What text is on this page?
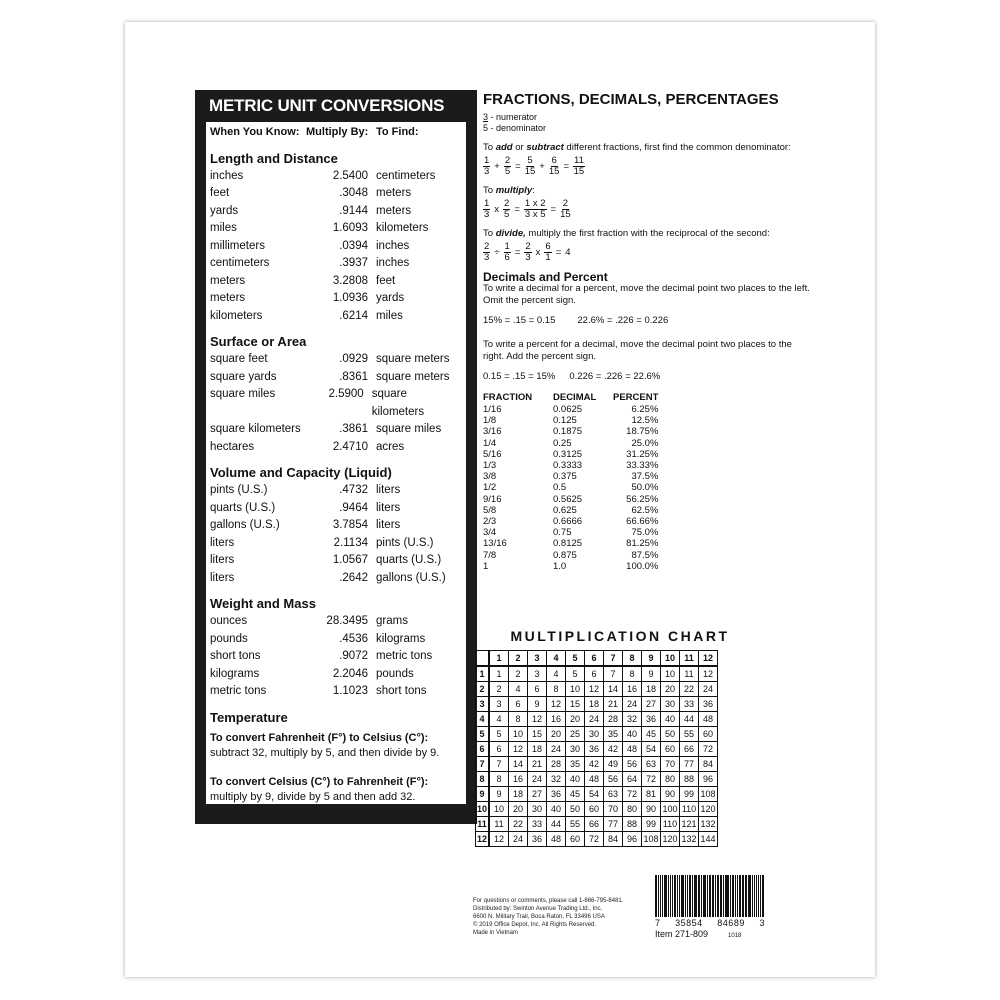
METRIC UNIT CONVERSIONS
When You Know: Multiply By: To Find:
Length and Distance
inches	2.5400 centimeters
feet	.3048 meters
yards	.9144 meters
miles	1.6093 kilometers
millimeters	.0394 inches
centimeters	.3937 inches
meters	3.2808 feet
meters	1.0936 yards
kilometers	.6214 miles
Surface or Area
square feet	.0929 square meters
square yards	.8361 square meters
square miles	2.5900 square kilometers
square kilometers	.3861 square miles
hectares	2.4710 acres
Volume and Capacity (Liquid)
pints (U.S.)	.4732 liters
quarts (U.S.)	.9464 liters
gallons (U.S.)	3.7854 liters
liters	2.1134 pints (U.S.)
liters	1.0567 quarts (U.S.)
liters	.2642 gallons (U.S.)
Weight and Mass
ounces	28.3495 grams
pounds	.4536 kilograms
short tons	.9072 metric tons
kilograms	2.2046 pounds
metric tons	1.1023 short tons
Temperature
To convert Fahrenheit (F°) to Celsius (C°):
subtract 32, multiply by 5, and then divide by 9.
To convert Celsius (C°) to Fahrenheit (F°):
multiply by 9, divide by 5 and then add 32.
FRACTIONS, DECIMALS, PERCENTAGES
3 - numerator
5 - denominator
To add or subtract different fractions, first find the common denominator:
$\frac{1}{3} + \frac{2}{5} = \frac{5}{15} + \frac{6}{15} = \frac{11}{15}$
To multiply:
$\frac{1}{3}$ x $\frac{2}{5} = \frac{1 x 2}{3 x 5} = \frac{2}{15}$
To divide, multiply the first fraction with the reciprocal of the second:
$\frac{2}{3} \div \frac{1}{6} = \frac{2}{3}$ x $\frac{6}{1} = 4$
Decimals and Percent
To write a decimal for a percent, move the decimal point two places to the left. Omit the percent sign.
15% = .15 = 0.15 22.6% = .226 = 0.226
To write a percent for a decimal, move the decimal point two places to the right. Add the percent sign.
0.15 = .15 = 15% 0.226 = .226 = 22.6%
FRACTION	DECIMAL	PERCENT
1/16	0.0625	6.25%
1/8	0.125	12.5%
3/16	0.1875	18.75%
1/4	0.25	25.0%
5/16	0.3125	31.25%
1/3	0.3333	33.33%
3/8	0.375	37.5%
1/2	0.5	50.0%
9/16	0.5625	56.25%
5/8	0.625	62.5%
2/3	0.6666	66.66%
3/4	0.75	75.0%
13/16	0.8125	81.25%
7/8	0.875	87.5%
1	1.0	100.0%
MULTIPLICATION CHART
	1	2	3	4	5	6	7	8	9	10	11	12
1	1	2	3	4	5	6	7	8	9	10	11	12
2	2	4	6	8	10	12	14	16	18	20	22	24
3	3	6	9	12	15	18	21	24	27	30	33	36
4	4	8	12	16	20	24	28	32	36	40	44	48
5	5	10	15	20	25	30	35	40	45	50	55	60
6	6	12	18	24	30	36	42	48	54	60	66	72
7	7	14	21	28	35	42	49	56	63	70	77	84
8	8	16	24	32	40	48	56	64	72	80	88	96
9	9	18	27	36	45	54	63	72	81	90	99	108
10	10	20	30	40	50	60	70	80	90	100	110	120
11	11	22	33	44	55	66	77	88	99	110	121	132
12	12	24	36	48	60	72	84	96	108	120	132	144
For questions or comments, please call 1-866-795-8481.
Distributed by: Swinton Avenue Trading Ltd., Inc.
6600 N. Military Trail, Boca Raton, FL 33496 USA
© 2019 Office Depot, Inc. All Rights Reserved.
Made in Vietnam
7 35854 84689 3
Item 271-809	1018
